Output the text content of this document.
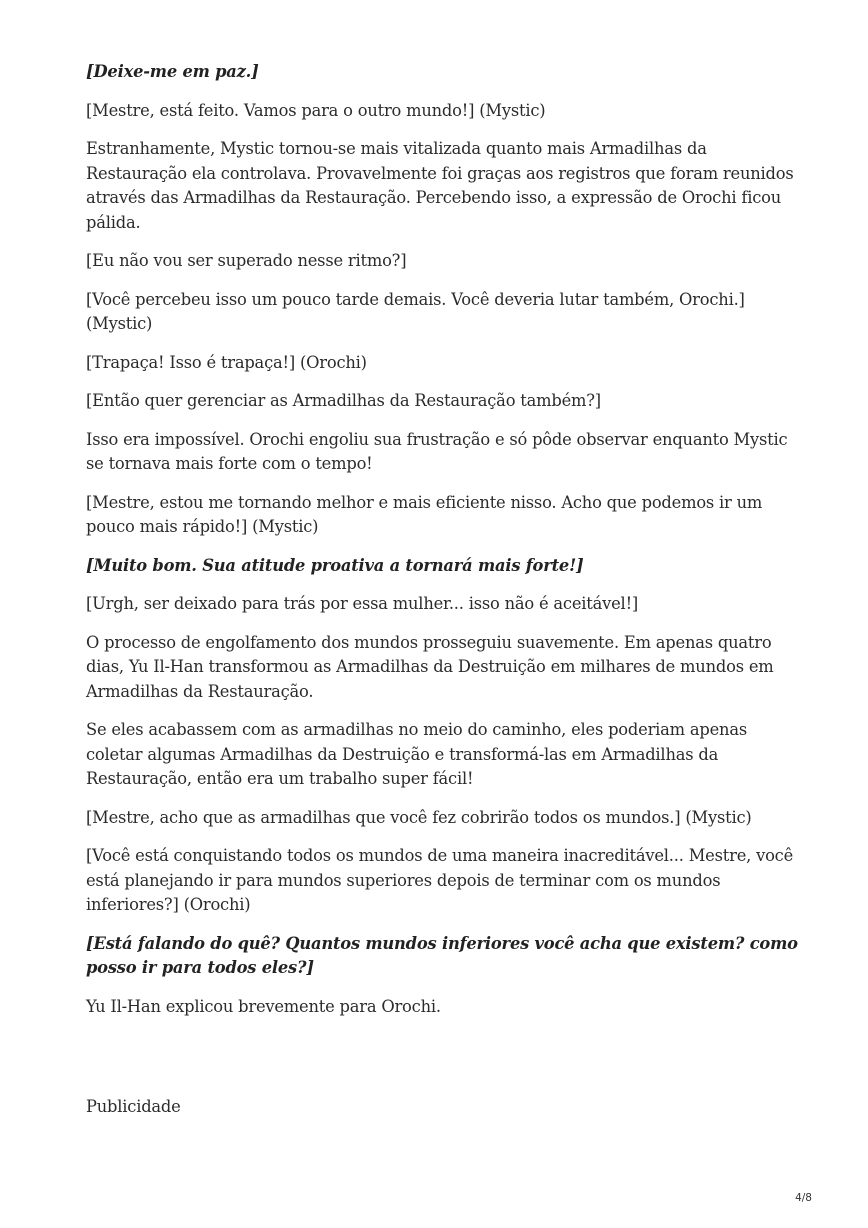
[Deixe-me em paz.]

[Mestre, está feito. Vamos para o outro mundo!] (Mystic)

Estranhamente, Mystic tornou-se mais vitalizada quanto mais Armadilhas da Restauração ela controlava. Provavelmente foi graças aos registros que foram reunidos através das Armadilhas da Restauração. Percebendo isso, a expressão de Orochi ficou pálida.

[Eu não vou ser superado nesse ritmo?]

[Você percebeu isso um pouco tarde demais. Você deveria lutar também, Orochi.] (Mystic)

[Trapaça! Isso é trapaça!] (Orochi)

[Então quer gerenciar as Armadilhas da Restauração também?]

Isso era impossível. Orochi engoliu sua frustração e só pôde observar enquanto Mystic se tornava mais forte com o tempo!

[Mestre, estou me tornando melhor e mais eficiente nisso. Acho que podemos ir um pouco mais rápido!] (Mystic)

[Muito bom. Sua atitude proativa a tornará mais forte!]

[Urgh, ser deixado para trás por essa mulher... isso não é aceitável!]

O processo de engolfamento dos mundos prosseguiu suavemente. Em apenas quatro dias, Yu Il-Han transformou as Armadilhas da Destruição em milhares de mundos em Armadilhas da Restauração.

Se eles acabassem com as armadilhas no meio do caminho, eles poderiam apenas coletar algumas Armadilhas da Destruição e transformá-las em Armadilhas da Restauração, então era um trabalho super fácil!

[Mestre, acho que as armadilhas que você fez cobrirão todos os mundos.] (Mystic)

[Você está conquistando todos os mundos de uma maneira inacreditável... Mestre, você está planejando ir para mundos superiores depois de terminar com os mundos inferiores?] (Orochi)

[Está falando do quê? Quantos mundos inferiores você acha que existem? como posso ir para todos eles?]

Yu Il-Han explicou brevemente para Orochi.

Publicidade

4/8
